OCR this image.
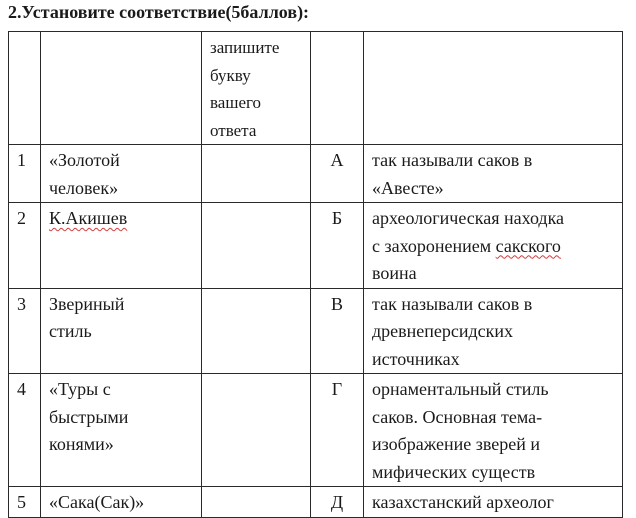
2.Установите соответствие(5баллов):
		запишите
букву
вашего
ответа		
1	«Золотой
человек»		А	так называли саков в
«Авесте»
2	К.Акишев		Б	археологическая находка
с захоронением сакского
воина
3	Звериный
стиль		В	так называли саков в
древнеперсидских
источниках
4	«Туры с
быстрыми
конями»		Г	орнаментальный стиль
саков. Основная тема-
изображение зверей и
мифических существ
5	«Сака(Сак)»		Д	казахстанский археолог
